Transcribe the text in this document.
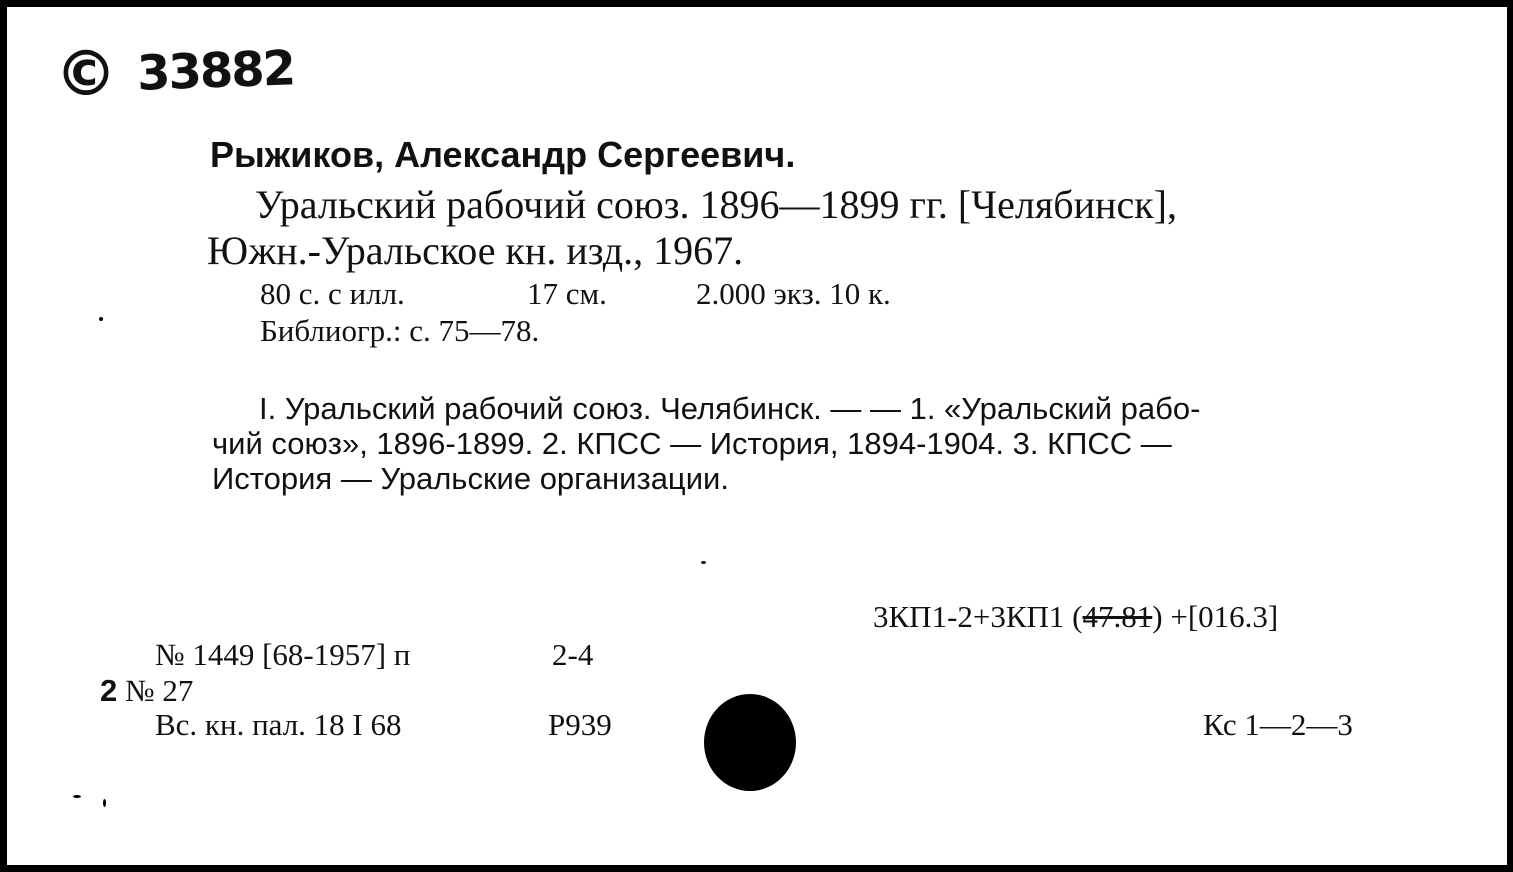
© 33882
Рыжиков, Александр Сергеевич.
Уральский рабочий союз. 1896—1899 гг. [Челябинск],
Южн.-Уральское кн. изд., 1967.
80 с. с илл.	17 см.	2.000 экз. 10 к.
Библиогр.: с. 75—78.
I. Уральский рабочий союз. Челябинск. — — 1. «Уральский рабо-
чий союз», 1896-1899. 2. КПСС — История, 1894-1904. 3. КПСС —
История — Уральские организации.
3КП1-2+3КП1 (47.81) +[016.3]
№ 1449 [68-1957] п	2-4
2 № 27
Вс. кн. пал. 18 I 68	Р939	Кс 1—2—3
